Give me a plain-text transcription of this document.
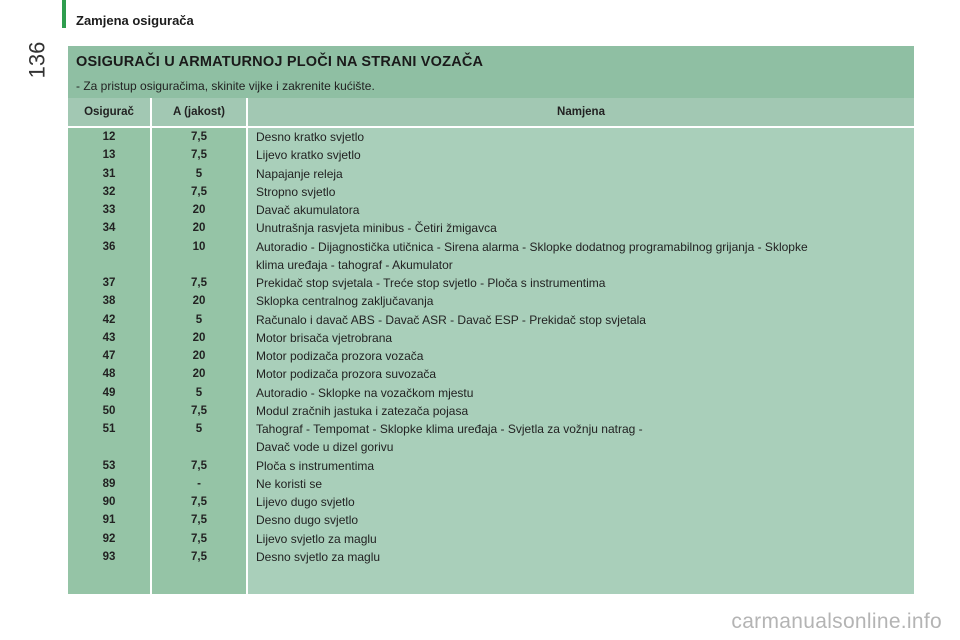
Zamjena osigurača
136 OSIGURAČI U ARMATURNOJ PLOČI NA STRANI VOZAČA
- Za pristup osiguračima, skinite vijke i zakrenite kućište.
Osigurač	A (jakost)	Namjena
12	7,5	Desno kratko svjetlo
13	7,5	Lijevo kratko svjetlo
31	5	Napajanje releja
32	7,5	Stropno svjetlo
33	20	Davač akumulatora
34	20	Unutrašnja rasvjeta minibus - Četiri žmigavca
36	10	Autoradio - Dijagnostička utičnica - Sirena alarma - Sklopke dodatnog programabilnog grijanja - Sklopke
klima uređaja - tahograf - Akumulator
37	7,5	Prekidač stop svjetala - Treće stop svjetlo - Ploča s instrumentima
38	20	Sklopka centralnog zaključavanja
42	5	Računalo i davač ABS - Davač ASR - Davač ESP - Prekidač stop svjetala
43	20	Motor brisača vjetrobrana
47	20	Motor podizača prozora vozača
48	20	Motor podizača prozora suvozača
49	5	Autoradio - Sklopke na vozačkom mjestu
50	7,5	Modul zračnih jastuka i zatezača pojasa
51	5	Tahograf - Tempomat - Sklopke klima uređaja - Svjetla za vožnju natrag -
Davač vode u dizel gorivu
53	7,5	Ploča s instrumentima
89	-	Ne koristi se
90	7,5	Lijevo dugo svjetlo
91	7,5	Desno dugo svjetlo
92	7,5	Lijevo svjetlo za maglu
93	7,5	Desno svjetlo za maglu
carmanualsonline.info
